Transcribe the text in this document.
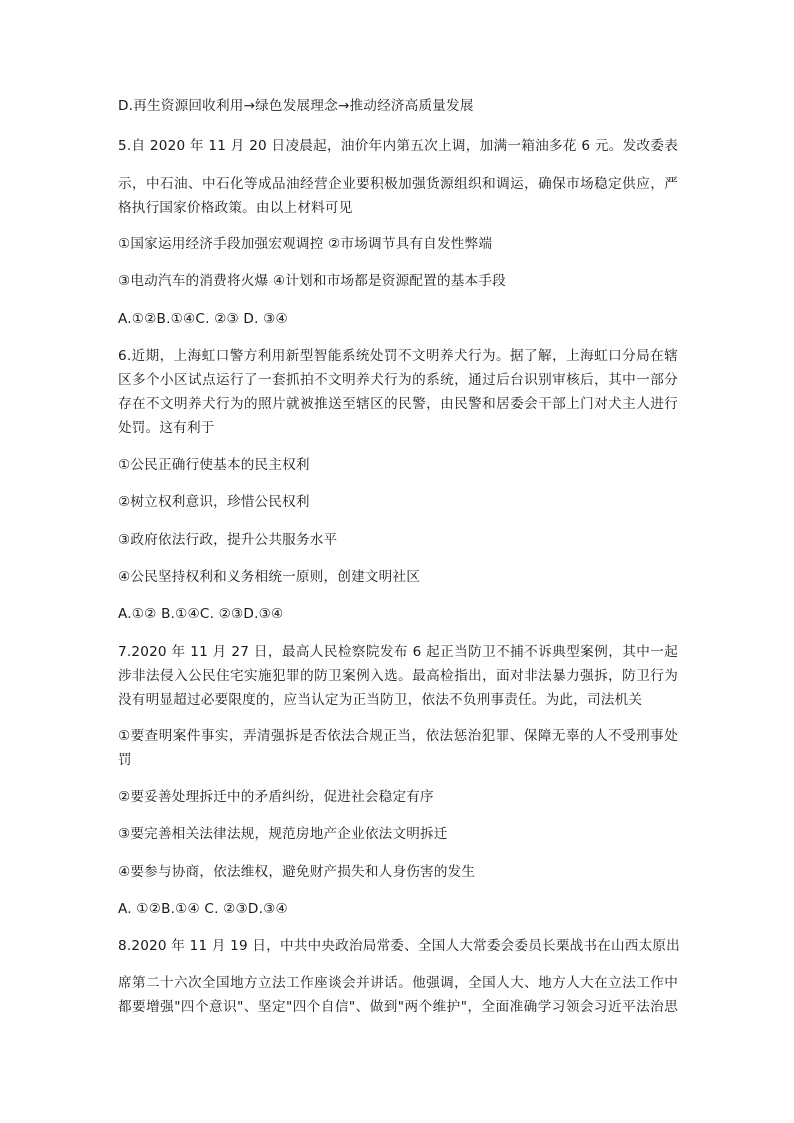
D.再生资源回收利用→绿色发展理念→推动经济高质量发展
5.自 2020 年 11 月 20 日凌晨起，油价年内第五次上调，加满一箱油多花 6 元。发改委表
示，中石油、中石化等成品油经营企业要积极加强货源组织和调运，确保市场稳定供应，严
格执行国家价格政策。由以上材料可见
①国家运用经济手段加强宏观调控 ②市场调节具有自发性弊端
③电动汽车的消费将火爆 ④计划和市场都是资源配置的基本手段
A.①②B.①④C. ②③ D. ③④
6.近期，上海虹口警方利用新型智能系统处罚不文明养犬行为。据了解，上海虹口分局在辖
区多个小区试点运行了一套抓拍不文明养犬行为的系统，通过后台识别审核后，其中一部分
存在不文明养犬行为的照片就被推送至辖区的民警，由民警和居委会干部上门对犬主人进行
处罚。这有利于
①公民正确行使基本的民主权利
②树立权利意识，珍惜公民权利
③政府依法行政，提升公共服务水平
④公民坚持权利和义务相统一原则，创建文明社区
A.①② B.①④C. ②③D.③④
7.2020 年 11 月 27 日，最高人民检察院发布 6 起正当防卫不捕不诉典型案例，其中一起
涉非法侵入公民住宅实施犯罪的防卫案例入选。最高检指出，面对非法暴力强拆，防卫行为
没有明显超过必要限度的，应当认定为正当防卫，依法不负刑事责任。为此，司法机关
①要查明案件事实，弄清强拆是否依法合规正当，依法惩治犯罪、保障无辜的人不受刑事处
罚
②要妥善处理拆迁中的矛盾纠纷，促进社会稳定有序
③要完善相关法律法规，规范房地产企业依法文明拆迁
④要参与协商，依法维权，避免财产损失和人身伤害的发生
A. ①②B.①④ C. ②③D.③④
8.2020 年 11 月 19 日，中共中央政治局常委、全国人大常委会委员长栗战书在山西太原出
席第二十六次全国地方立法工作座谈会并讲话。他强调，全国人大、地方人大在立法工作中
都要增强"四个意识"、坚定"四个自信"、做到"两个维护"，全面准确学习领会习近平法治思
